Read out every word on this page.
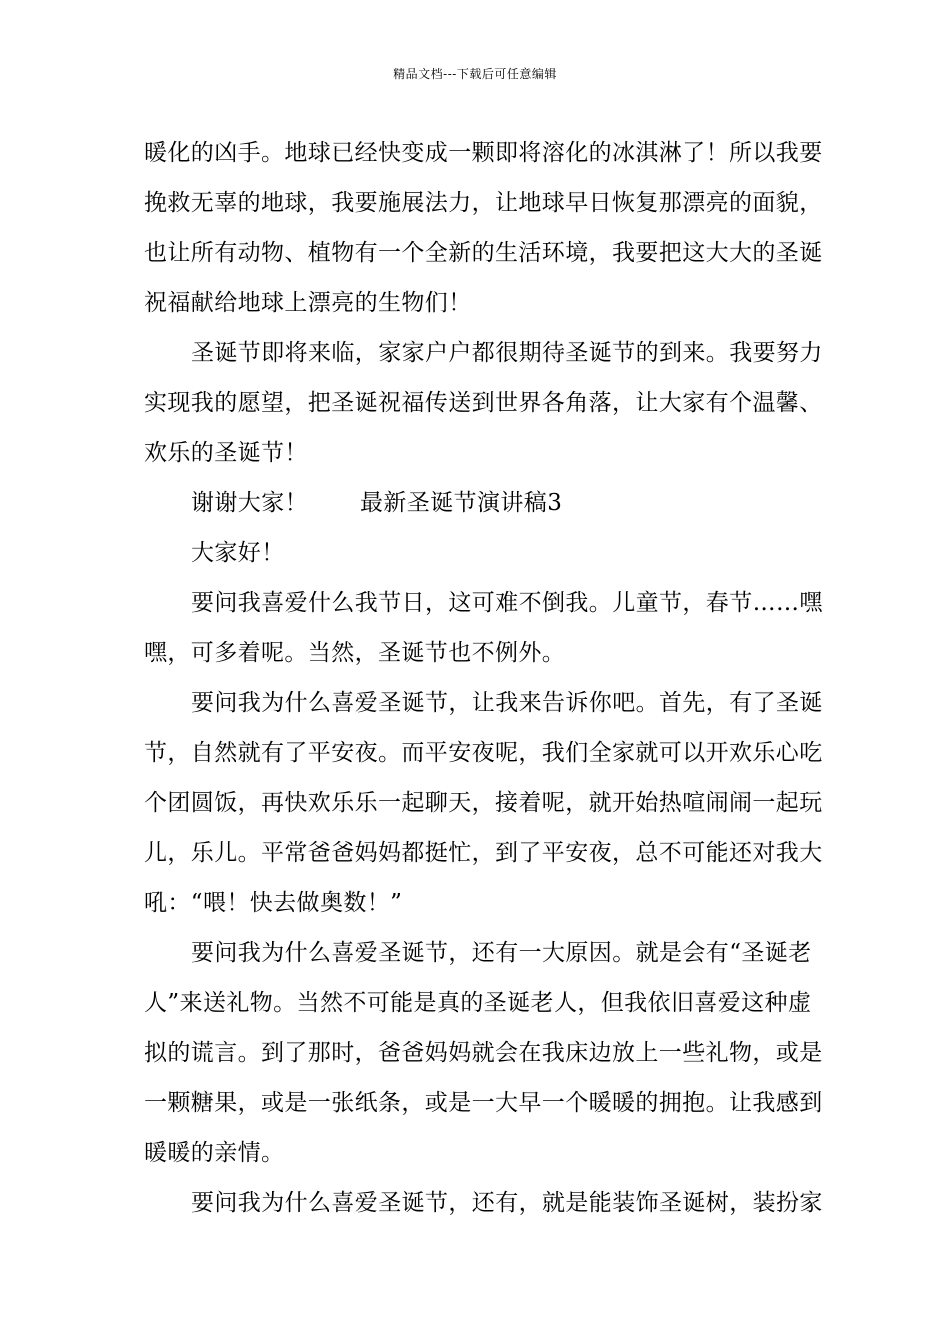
精品文档---下载后可任意编辑
暖化的凶手。地球已经快变成一颗即将溶化的冰淇淋了！所以我要
挽救无辜的地球，我要施展法力，让地球早日恢复那漂亮的面貌，
也让所有动物、植物有一个全新的生活环境，我要把这大大的圣诞
祝福献给地球上漂亮的生物们！
圣诞节即将来临，家家户户都很期待圣诞节的到来。我要努力
实现我的愿望，把圣诞祝福传送到世界各角落，让大家有个温馨、
欢乐的圣诞节！
谢谢大家！ 最新圣诞节演讲稿3
大家好！
要问我喜爱什么我节日，这可难不倒我。儿童节，春节……嘿
嘿，可多着呢。当然，圣诞节也不例外。
要问我为什么喜爱圣诞节，让我来告诉你吧。首先，有了圣诞
节，自然就有了平安夜。而平安夜呢，我们全家就可以开欢乐心吃
个团圆饭，再快欢乐乐一起聊天，接着呢，就开始热喧闹闹一起玩
儿，乐儿。平常爸爸妈妈都挺忙，到了平安夜，总不可能还对我大
吼：“喂！快去做奥数！”
要问我为什么喜爱圣诞节，还有一大原因。就是会有“圣诞老
人”来送礼物。当然不可能是真的圣诞老人，但我依旧喜爱这种虚
拟的谎言。到了那时，爸爸妈妈就会在我床边放上一些礼物，或是
一颗糖果，或是一张纸条，或是一大早一个暖暖的拥抱。让我感到
暖暖的亲情。
要问我为什么喜爱圣诞节，还有，就是能装饰圣诞树，装扮家
